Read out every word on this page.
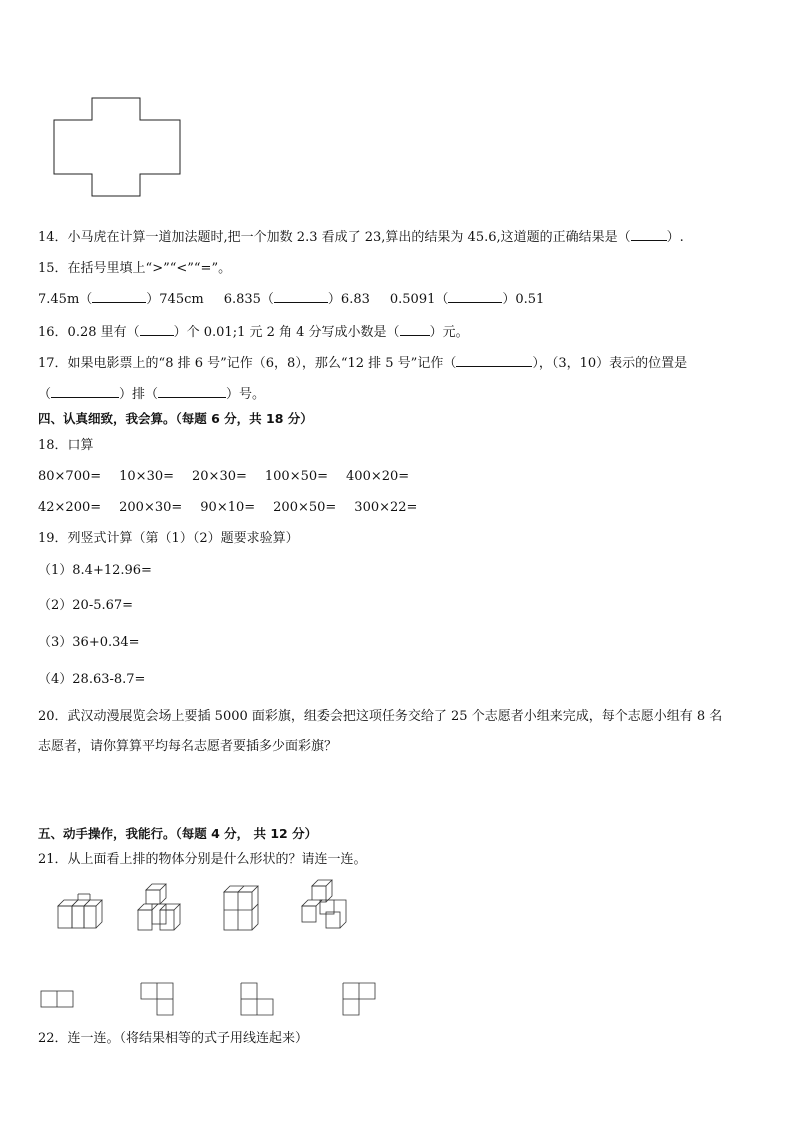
14．小马虎在计算一道加法题时,把一个加数 2.3 看成了 23,算出的结果为 45.6,这道题的正确结果是（	）.
15．在括号里填上“>”“<”“=”。
7.45m（	）745cm 6.835（	）6.83 0.5091（	）0.51
16．0.28 里有（	）个 0.01;1 元 2 角 4 分写成小数是（ ）元。
17．如果电影票上的“8 排 6 号”记作（6，8），那么“12 排 5 号”记作（	），（3，10）表示的位置是
（	）排（	）号。
四、认真细致，我会算。（每题 6 分，共 18 分）
18．口算
80×700= 10×30= 20×30= 100×50= 400×20=
42×200= 200×30= 90×10= 200×50= 300×22=
19．列竖式计算（第（1）（2）题要求验算）
（1）8.4+12.96=
（2）20-5.67=
（3）36+0.34=
（4）28.63-8.7=
20．武汉动漫展览会场上要插 5000 面彩旗，组委会把这项任务交给了 25 个志愿者小组来完成，每个志愿小组有 8 名
志愿者，请你算算平均每名志愿者要插多少面彩旗？
五、动手操作，我能行。（每题 4 分， 共 12 分）
21．从上面看上排的物体分别是什么形状的？请连一连。
22．连一连。（将结果相等的式子用线连起来）
